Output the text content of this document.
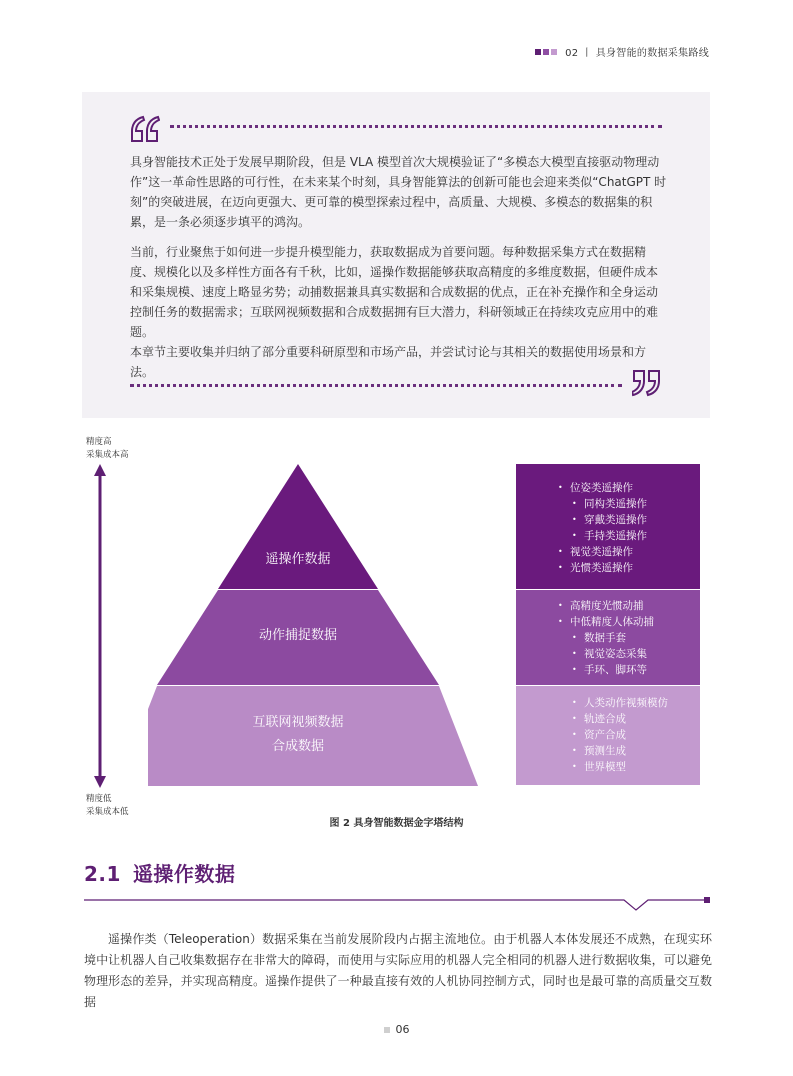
02 丨 具身智能的数据采集路线

具身智能技术正处于发展早期阶段，但是 VLA 模型首次大规模验证了“多模态大模型直接驱动物理动作”这一革命性思路的可行性，在未来某个时刻，具身智能算法的创新可能也会迎来类似“ChatGPT 时刻”的突破进展，在迈向更强大、更可靠的模型探索过程中，高质量、大规模、多模态的数据集的积累，是一条必须逐步填平的鸿沟。

当前，行业聚焦于如何进一步提升模型能力，获取数据成为首要问题。每种数据采集方式在数据精度、规模化以及多样性方面各有千秋，比如，遥操作数据能够获取高精度的多维度数据，但硬件成本和采集规模、速度上略显劣势；动捕数据兼具真实数据和合成数据的优点，正在补充操作和全身运动控制任务的数据需求；互联网视频数据和合成数据拥有巨大潜力，科研领域正在持续攻克应用中的难题。

本章节主要收集并归纳了部分重要科研原型和市场产品，并尝试讨论与其相关的数据使用场景和方法。

精度高
采集成本高
精度低
采集成本低
遥操作数据
动作捕捉数据
互联网视频数据
合成数据
• 位姿类遥操作
• 同构类遥操作
• 穿戴类遥操作
• 手持类遥操作
• 视觉类遥操作
• 光惯类遥操作
• 高精度光惯动捕
• 中低精度人体动捕
• 数据手套
• 视觉姿态采集
• 手环、脚环等
• 人类动作视频模仿
• 轨迹合成
• 资产合成
• 预测生成
• 世界模型
图 2 具身智能数据金字塔结构
2.1 遥操作数据

遥操作类（Teleoperation）数据采集在当前发展阶段内占据主流地位。由于机器人本体发展还不成熟，在现实环境中让机器人自己收集数据存在非常大的障碍，而使用与实际应用的机器人完全相同的机器人进行数据收集，可以避免物理形态的差异，并实现高精度。遥操作提供了一种最直接有效的人机协同控制方式，同时也是最可靠的高质量交互数据

06
